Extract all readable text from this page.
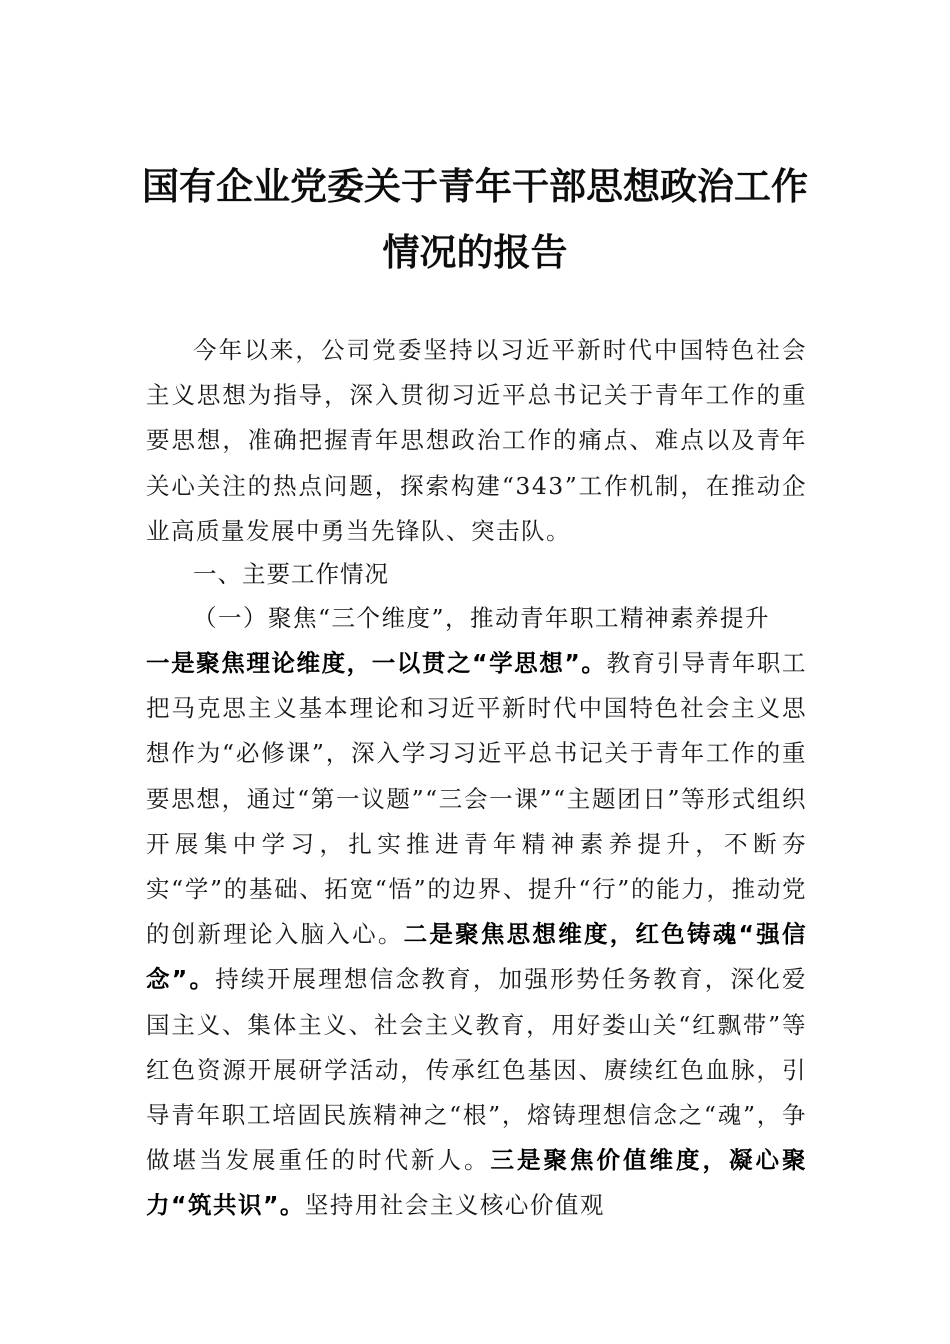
国有企业党委关于青年干部思想政治工作
情况的报告
今年以来，公司党委坚持以习近平新时代中国特色社会主义思想为指导，深入贯彻习近平总书记关于青年工作的重要思想，准确把握青年思想政治工作的痛点、难点以及青年关心关注的热点问题，探索构建“343”工作机制，在推动企业高质量发展中勇当先锋队、突击队。
一、主要工作情况
（一）聚焦“三个维度”，推动青年职工精神素养提升
一是聚焦理论维度，一以贯之“学思想”。教育引导青年职工把马克思主义基本理论和习近平新时代中国特色社会主义思想作为“必修课”，深入学习习近平总书记关于青年工作的重要思想，通过“第一议题”“三会一课”“主题团日”等形式组织开展集中学习，扎实推进青年精神素养提升，不断夯实“学”的基础、拓宽“悟”的边界、提升“行”的能力，推动党的创新理论入脑入心。二是聚焦思想维度，红色铸魂“强信念”。持续开展理想信念教育，加强形势任务教育，深化爱国主义、集体主义、社会主义教育，用好娄山关“红飘带”等红色资源开展研学活动，传承红色基因、赓续红色血脉，引导青年职工培固民族精神之“根”，熔铸理想信念之“魂”，争做堪当发展重任的时代新人。三是聚焦价值维度，凝心聚力“筑共识”。坚持用社会主义核心价值观
